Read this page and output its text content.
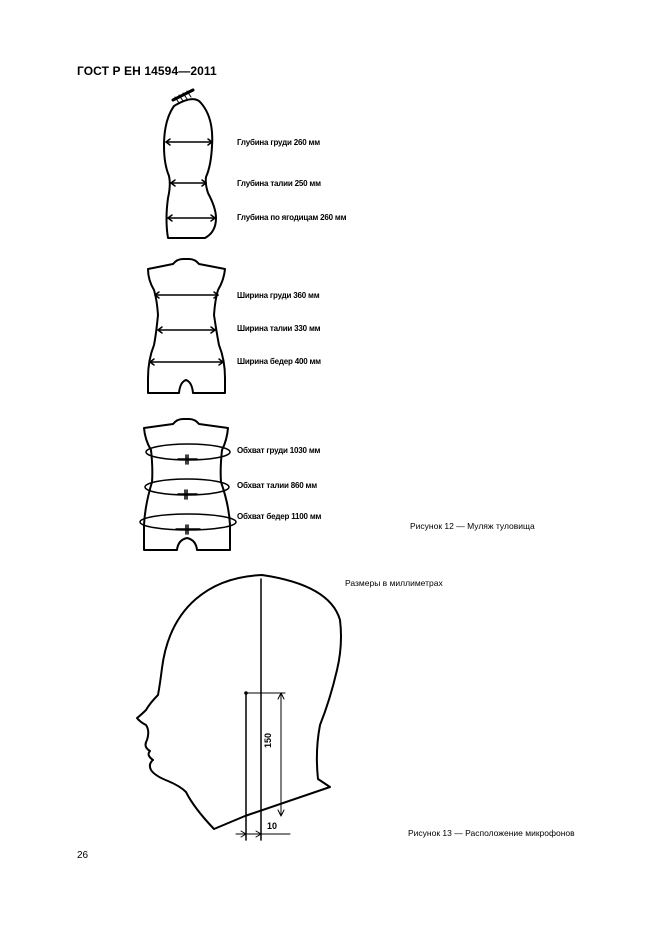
ГОСТ Р ЕН 14594—2011
Глубина груди 260 мм
Глубина талии 250 мм
Глубина по ягодицам 260 мм
Ширина груди 360 мм
Ширина талии 330 мм
Ширина бедер 400 мм
Обхват груди 1030 мм
Обхват талии 860 мм
Обхват бедер 1100 мм
Рисунок 12 — Муляж туловища
Размеры в миллиметрах
150
10
Рисунок 13 — Расположение микрофонов
26
